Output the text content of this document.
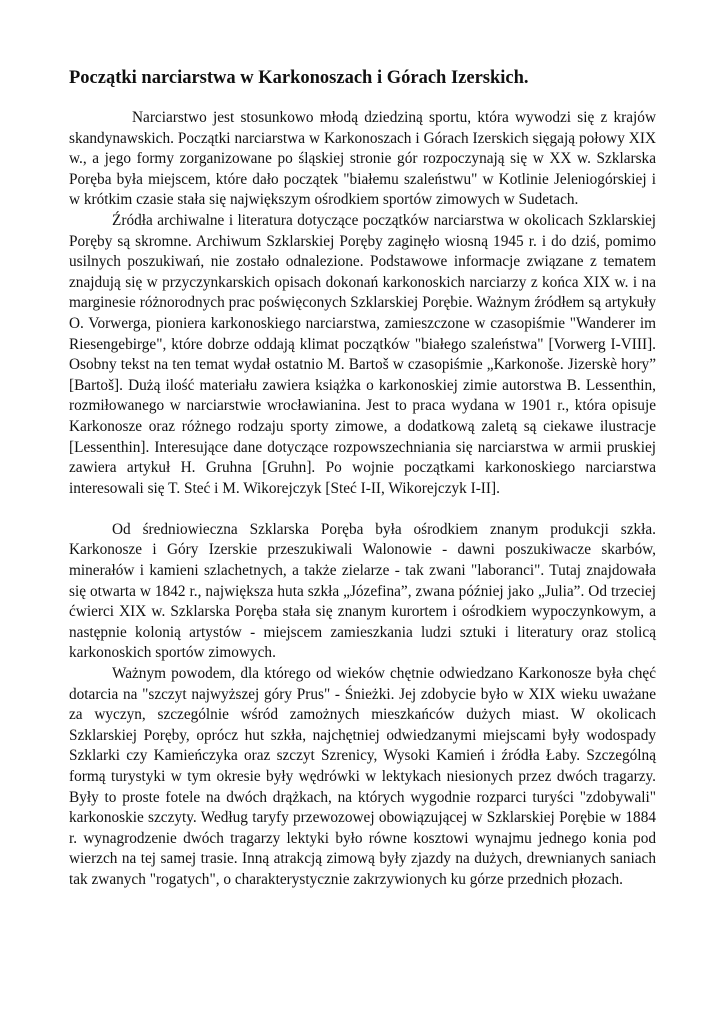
Początki narciarstwa w Karkonoszach i Górach Izerskich.

Narciarstwo jest stosunkowo młodą dziedziną sportu, która wywodzi się z krajów skandynawskich. Początki narciarstwa w Karkonoszach i Górach Izerskich sięgają połowy XIX w., a jego formy zorganizowane po śląskiej stronie gór rozpoczynają się w XX w. Szklarska Poręba była miejscem, które dało początek "białemu szaleństwu" w Kotlinie Jeleniogórskiej i w krótkim czasie stała się największym ośrodkiem sportów zimowych w Sudetach.

Źródła archiwalne i literatura dotyczące początków narciarstwa w okolicach Szklarskiej Poręby są skromne. Archiwum Szklarskiej Poręby zaginęło wiosną 1945 r. i do dziś, pomimo usilnych poszukiwań, nie zostało odnalezione. Podstawowe informacje związane z tematem znajdują się w przyczynkarskich opisach dokonań karkonoskich narciarzy z końca XIX w. i na marginesie różnorodnych prac poświęconych Szklarskiej Porębie. Ważnym źródłem są artykuły O. Vorwerga, pioniera karkonoskiego narciarstwa, zamieszczone w czasopiśmie "Wanderer im Riesengebirge", które dobrze oddają klimat początków "białego szaleństwa" [Vorwerg I-VIII]. Osobny tekst na ten temat wydał ostatnio M. Bartoš w czasopiśmie „Karkonoše. Jizerskè hory” [Bartoš]. Dużą ilość materiału zawiera książka o karkonoskiej zimie autorstwa B. Lessenthin, rozmiłowanego w narciarstwie wrocławianina. Jest to praca wydana w 1901 r., która opisuje Karkonosze oraz różnego rodzaju sporty zimowe, a dodatkową zaletą są ciekawe ilustracje [Lessenthin]. Interesujące dane dotyczące rozpowszechniania się narciarstwa w armii pruskiej zawiera artykuł H. Gruhna [Gruhn]. Po wojnie początkami karkonoskiego narciarstwa interesowali się T. Steć i M. Wikorejczyk [Steć I-II, Wikorejczyk I-II].

Od średniowieczna Szklarska Poręba była ośrodkiem znanym produkcji szkła. Karkonosze i Góry Izerskie przeszukiwali Walonowie - dawni poszukiwacze skarbów, minerałów i kamieni szlachetnych, a także zielarze - tak zwani "laboranci". Tutaj znajdowała się otwarta w 1842 r., największa huta szkła „Józefina”, zwana później jako „Julia”. Od trzeciej ćwierci XIX w. Szklarska Poręba stała się znanym kurortem i ośrodkiem wypoczynkowym, a następnie kolonią artystów - miejscem zamieszkania ludzi sztuki i literatury oraz stolicą karkonoskich sportów zimowych.

Ważnym powodem, dla którego od wieków chętnie odwiedzano Karkonosze była chęć dotarcia na "szczyt najwyższej góry Prus" - Śnieżki. Jej zdobycie było w XIX wieku uważane za wyczyn, szczególnie wśród zamożnych mieszkańców dużych miast. W okolicach Szklarskiej Poręby, oprócz hut szkła, najchętniej odwiedzanymi miejscami były wodospady Szklarki czy Kamieńczyka oraz szczyt Szrenicy, Wysoki Kamień i źródła Łaby. Szczególną formą turystyki w tym okresie były wędrówki w lektykach niesionych przez dwóch tragarzy. Były to proste fotele na dwóch drążkach, na których wygodnie rozparci turyści "zdobywali" karkonoskie szczyty. Według taryfy przewozowej obowiązującej w Szklarskiej Porębie w 1884 r. wynagrodzenie dwóch tragarzy lektyki było równe kosztowi wynajmu jednego konia pod wierzch na tej samej trasie. Inną atrakcją zimową były zjazdy na dużych, drewnianych saniach tak zwanych "rogatych", o charakterystycznie zakrzywionych ku górze przednich płozach.
